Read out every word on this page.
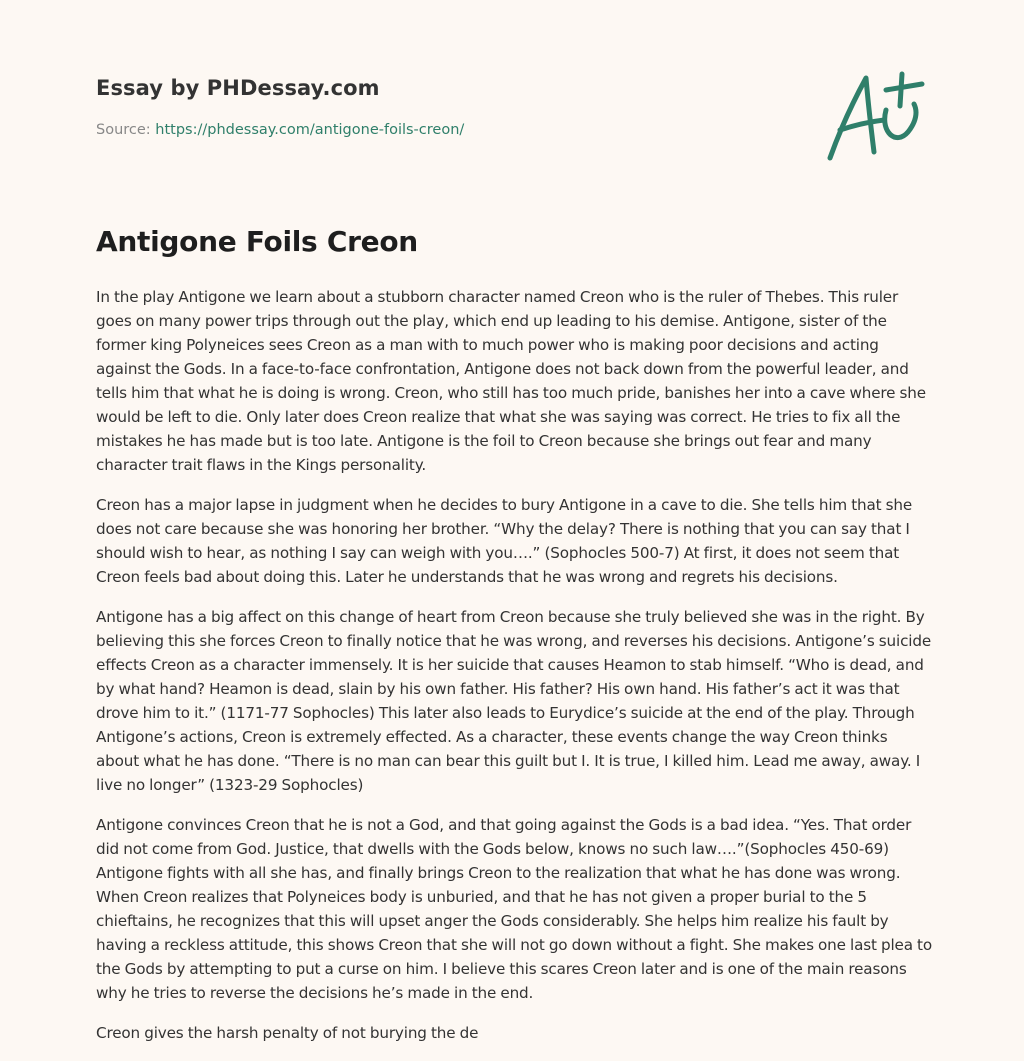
Essay by PHDessay.com
Source: https://phdessay.com/antigone-foils-creon/
Antigone Foils Creon

In the play Antigone we learn about a stubborn character named Creon who is the ruler of Thebes. This ruler goes on many power trips through out the play, which end up leading to his demise. Antigone, sister of the former king Polyneices sees Creon as a man with to much power who is making poor decisions and acting against the Gods. In a face-to-face confrontation, Antigone does not back down from the powerful leader, and tells him that what he is doing is wrong. Creon, who still has too much pride, banishes her into a cave where she would be left to die. Only later does Creon realize that what she was saying was correct. He tries to fix all the mistakes he has made but is too late. Antigone is the foil to Creon because she brings out fear and many character trait flaws in the Kings personality.

Creon has a major lapse in judgment when he decides to bury Antigone in a cave to die. She tells him that she does not care because she was honoring her brother. “Why the delay? There is nothing that you can say that I should wish to hear, as nothing I say can weigh with you….” (Sophocles 500-7) At first, it does not seem that Creon feels bad about doing this. Later he understands that he was wrong and regrets his decisions.

Antigone has a big affect on this change of heart from Creon because she truly believed she was in the right. By believing this she forces Creon to finally notice that he was wrong, and reverses his decisions. Antigone’s suicide effects Creon as a character immensely. It is her suicide that causes Heamon to stab himself. “Who is dead, and by what hand? Heamon is dead, slain by his own father. His father? His own hand. His father’s act it was that drove him to it.” (1171-77 Sophocles) This later also leads to Eurydice’s suicide at the end of the play. Through Antigone’s actions, Creon is extremely effected. As a character, these events change the way Creon thinks about what he has done. “There is no man can bear this guilt but I. It is true, I killed him. Lead me away, away. I live no longer” (1323-29 Sophocles)

Antigone convinces Creon that he is not a God, and that going against the Gods is a bad idea. “Yes. That order did not come from God. Justice, that dwells with the Gods below, knows no such law….”(Sophocles 450-69) Antigone fights with all she has, and finally brings Creon to the realization that what he has done was wrong. When Creon realizes that Polyneices body is unburied, and that he has not given a proper burial to the 5 chieftains, he recognizes that this will upset anger the Gods considerably. She helps him realize his fault by having a reckless attitude, this shows Creon that she will not go down without a fight. She makes one last plea to the Gods by attempting to put a curse on him. I believe this scares Creon later and is one of the main reasons why he tries to reverse the decisions he’s made in the end.

Creon gives the harsh penalty of not burying the de
